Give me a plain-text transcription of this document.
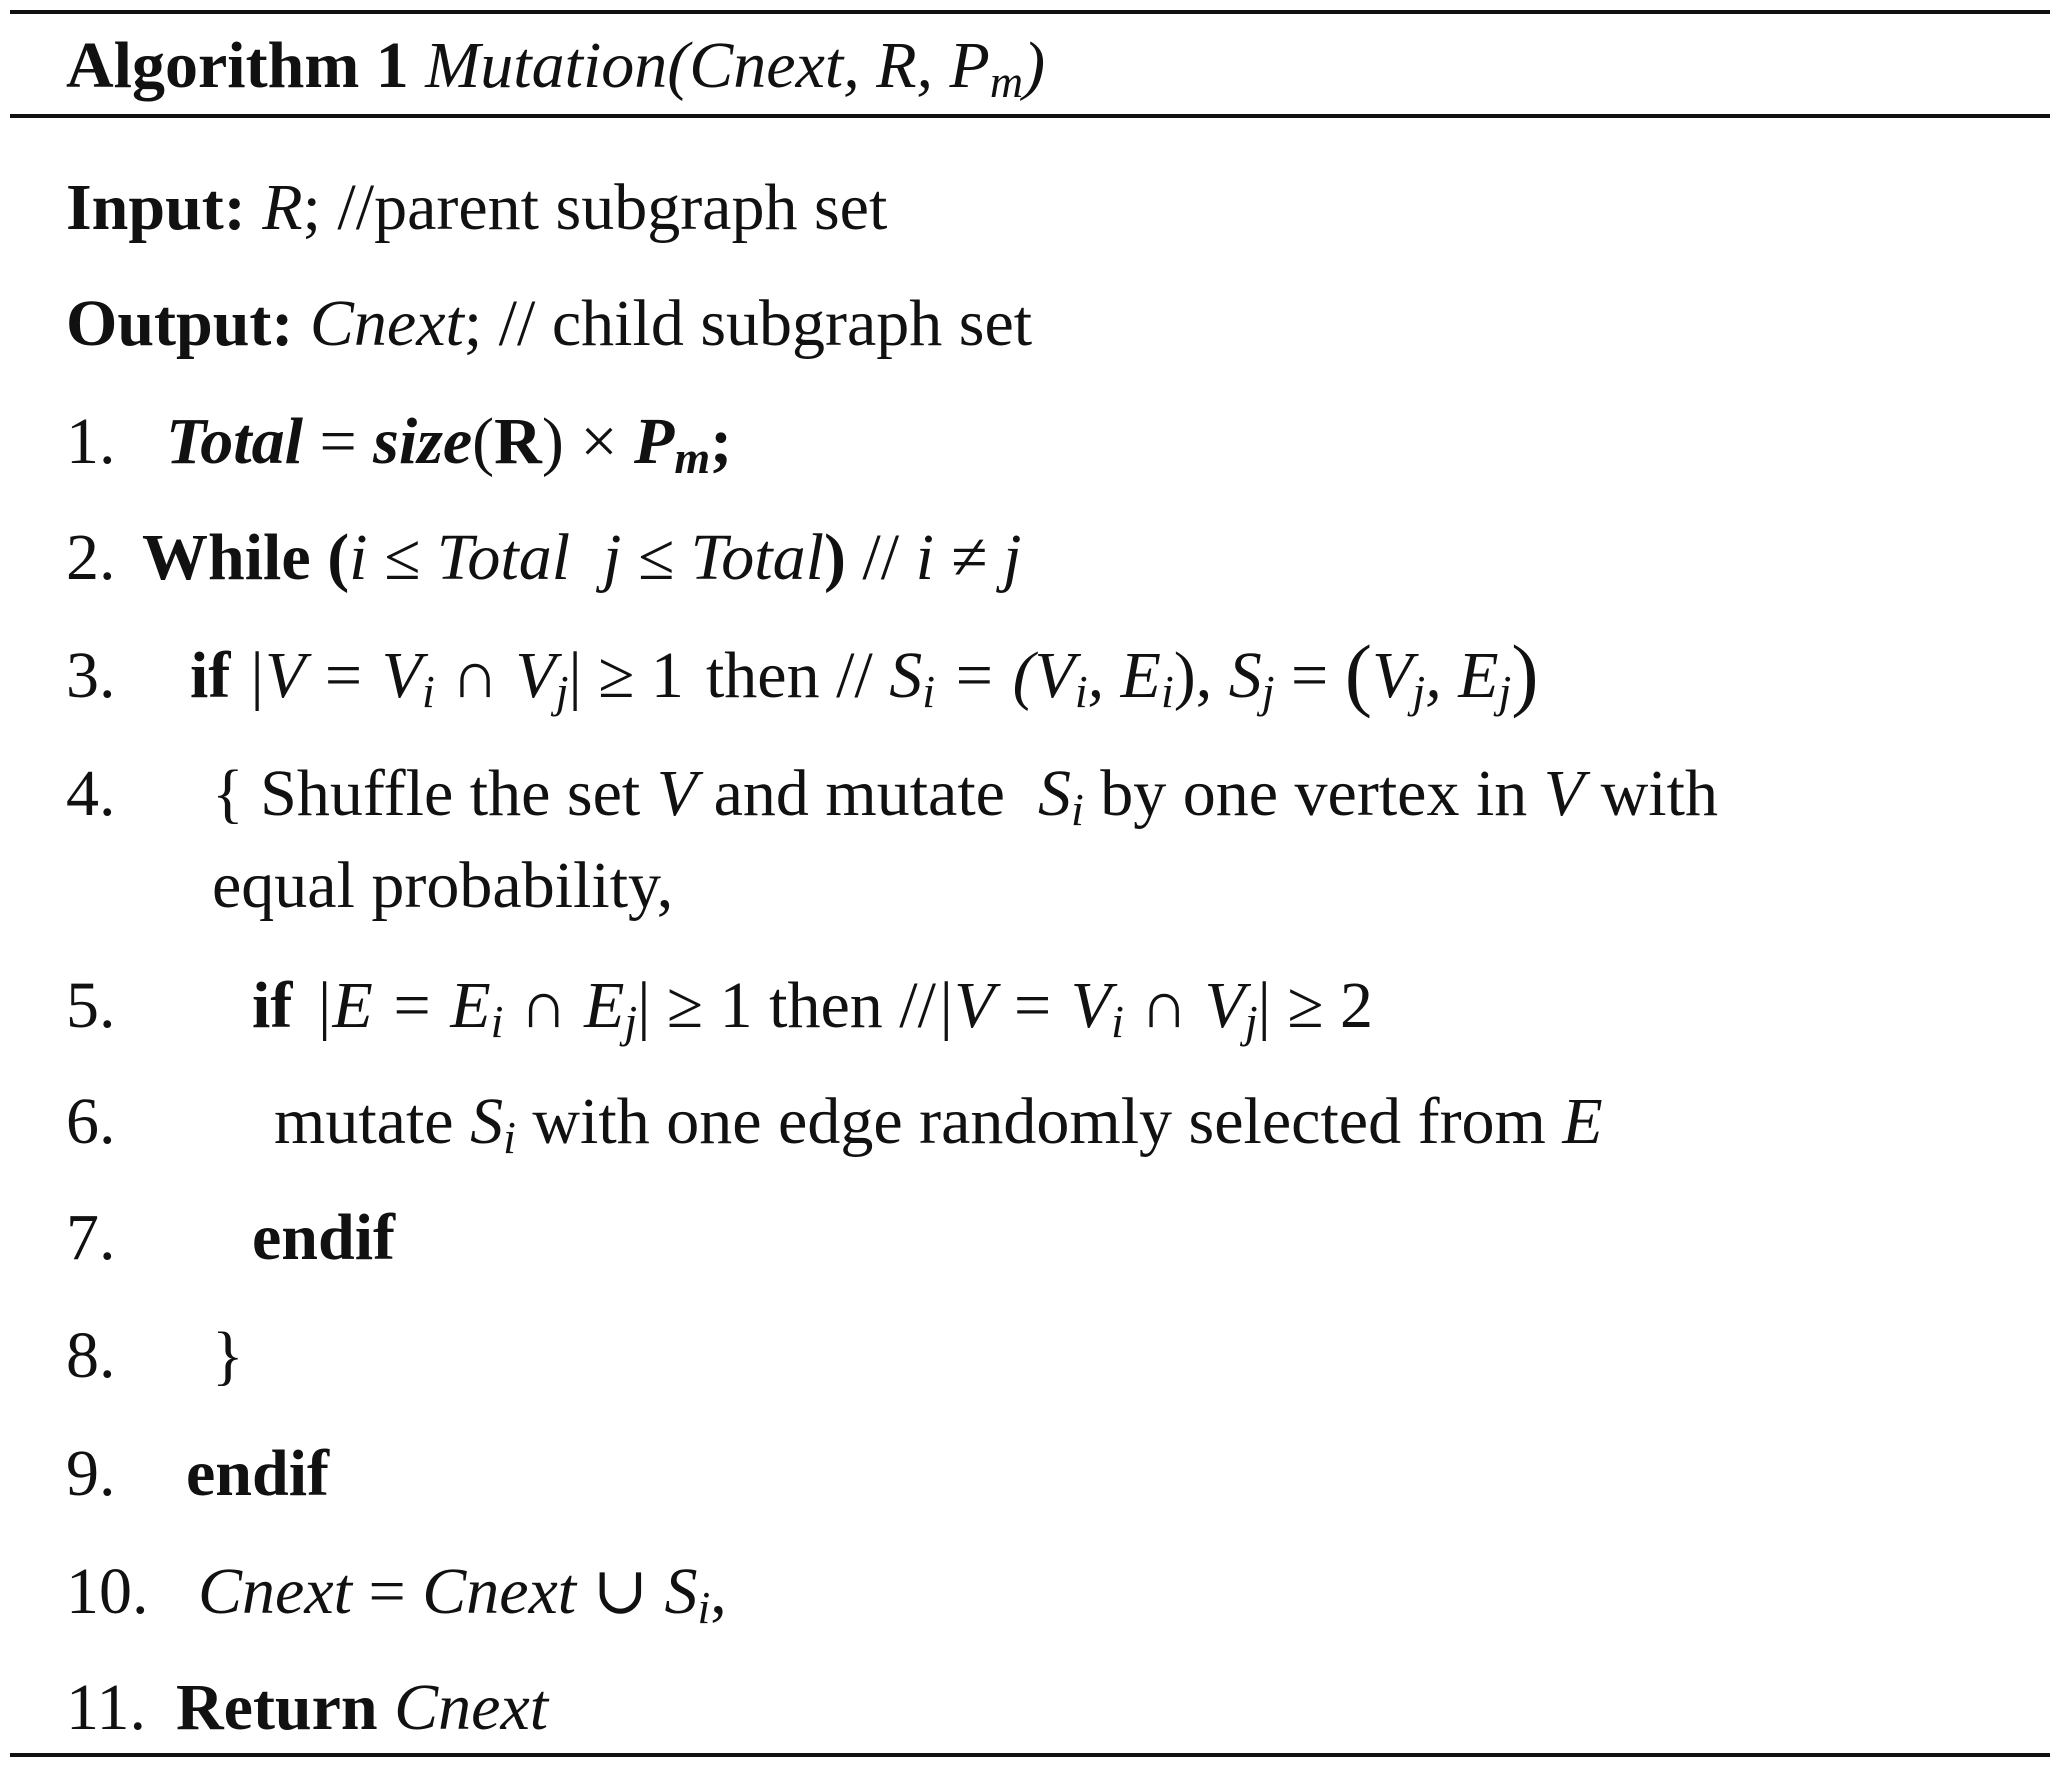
Algorithm 1 Mutation(Cnext, R, $P_m$)
Input: R; //parent subgraph set
Output: Cnext; // child subgraph set
1. Total = size(R) × $P_m$;
2. While (i ≤ Total  j ≤ Total) // i ≠ j
3. if $|V = V_i$ ∩ $V_j| \ge 1$ then // $S_i = (V_i$, $E_i$), $S_j = (V_j$, $E_j$)
4. { Shuffle the set V and mutate  $S_i$ by one vertex in V with
equal probability,
5. if $|E = E_i$ ∩ $E_j| \ge 1$ then $//|V = V_i$ ∩ $V_j| \ge 2$
6. mutate $S_i$ with one edge randomly selected from E
7. endif
8. }
9. endif
10. Cnext = Cnext ∪ $S_i$,
11. Return Cnext
